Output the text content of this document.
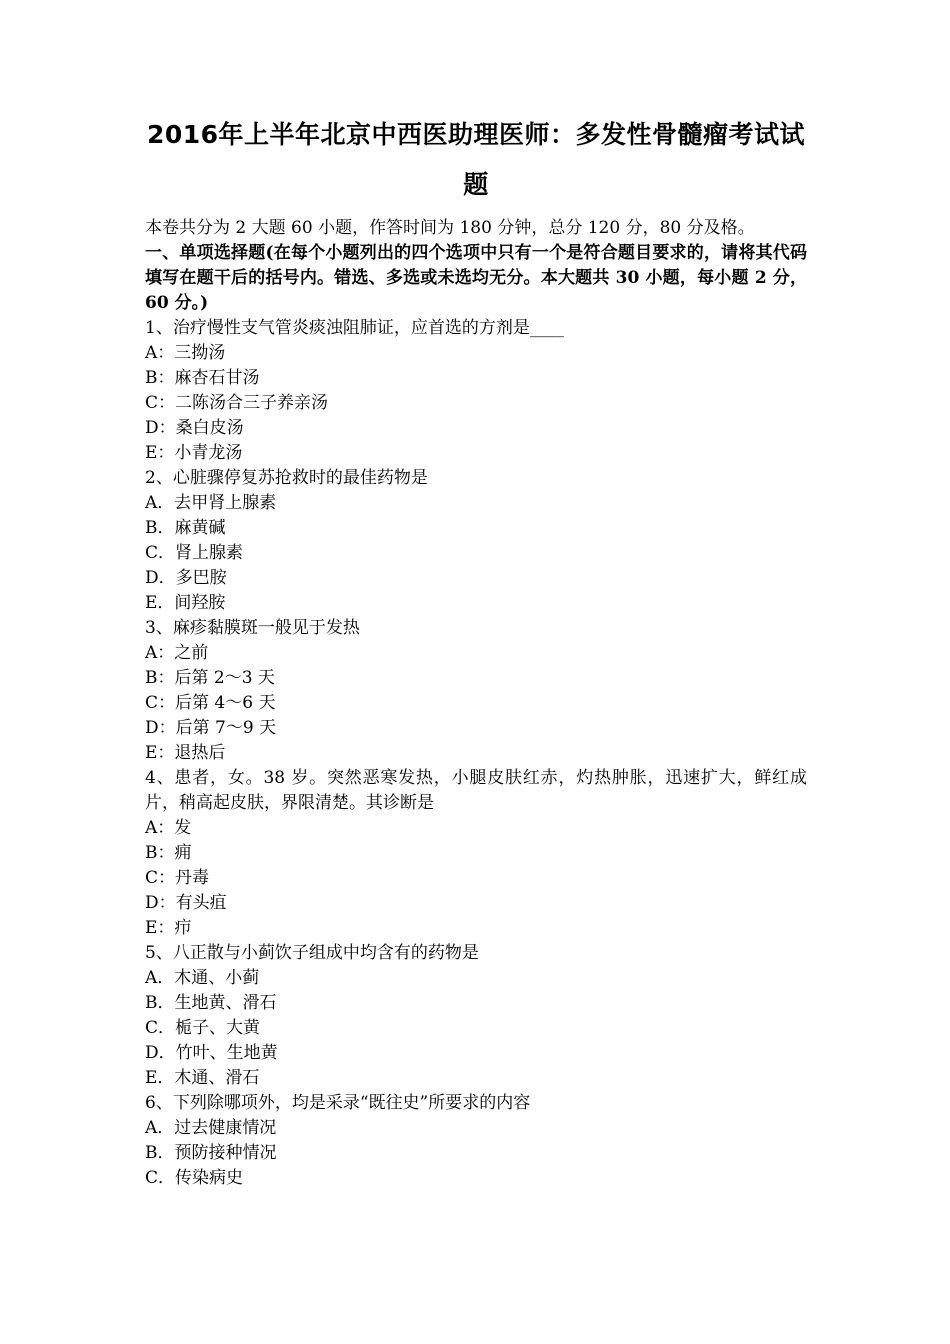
2016年上半年北京中西医助理医师：多发性骨髓瘤考试试
题
本卷共分为 2 大题 60 小题，作答时间为 180 分钟，总分 120 分，80 分及格。
一、单项选择题(在每个小题列出的四个选项中只有一个是符合题目要求的，请将其代码填写在题干后的括号内。错选、多选或未选均无分。本大题共 30 小题，每小题 2 分，60 分。)
1、治疗慢性支气管炎痰浊阻肺证，应首选的方剂是____
A：三拗汤
B：麻杏石甘汤
C：二陈汤合三子养亲汤
D：桑白皮汤
E：小青龙汤
2、心脏骤停复苏抢救时的最佳药物是
A．去甲肾上腺素
B．麻黄碱
C．肾上腺素
D．多巴胺
E．间羟胺
3、麻疹黏膜斑一般见于发热
A：之前
B：后第 2～3 天
C：后第 4～6 天
D：后第 7～9 天
E：退热后
4、患者，女。38 岁。突然恶寒发热，小腿皮肤红赤，灼热肿胀，迅速扩大，鲜红成片，稍高起皮肤，界限清楚。其诊断是
A：发
B：痈
C：丹毒
D：有头疽
E：疖
5、八正散与小蓟饮子组成中均含有的药物是
A．木通、小蓟
B．生地黄、滑石
C．栀子、大黄
D．竹叶、生地黄
E．木通、滑石
6、下列除哪项外，均是采录“既往史”所要求的内容
A．过去健康情况
B．预防接种情况
C．传染病史
